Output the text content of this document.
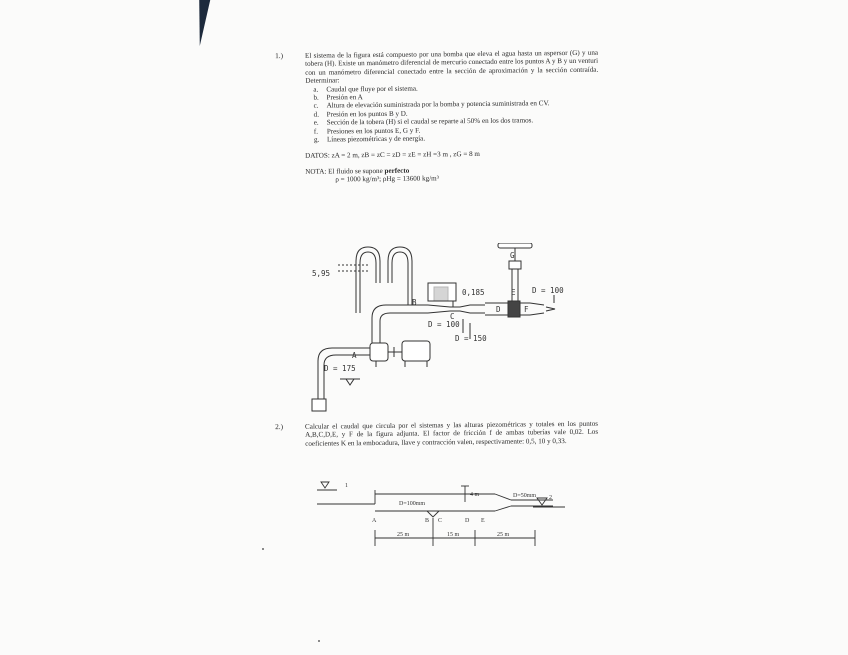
1.)	El sistema de la figura está compuesto por una bomba que eleva el agua hasta un aspersor (G) y una tobera (H). Existe un manómetro diferencial de mercurio conectado entre los puntos A y B y un venturi con un manómetro diferencial conectado entre la sección de aproximación y la sección contraída. Determinar:
a.	Caudal que fluye por el sistema.
b.	Presión en A
c.	Altura de elevación suministrada por la bomba y potencia suministrada en CV.
d.	Presión en los puntos B y D.
e.	Sección de la tobera (H) si el caudal se reparte al 50% en los dos tramos.
f.	Presiones en los puntos E, G y F.
g.	Líneas piezométricas y de energía.
DATOS: zA = 2 m, zB = zC = zD = zE = zH =3 m , zG = 8 m
NOTA: El fluido se supone perfecto
ρ = 1000 kg/m³; ρHg = 13600 kg/m³
5,95
0,185
D = 100
D = 100
D = 150
D = 175
A
B
C
D
E
F
G
2.)	Calcular el caudal que circula por el sistemas y las alturas piezométricas y totales en los puntos A,B,C,D,E, y F de la figura adjunta. El factor de fricción f de ambas tuberías vale 0,02. Los coeficientes K en la embocadura, llave y contracción valen, respectivamente: 0,5, 10 y 0,33.
1
2
4 m
D=100mm
D=50mm
A	B C	D E
25 m	15 m	25 m
